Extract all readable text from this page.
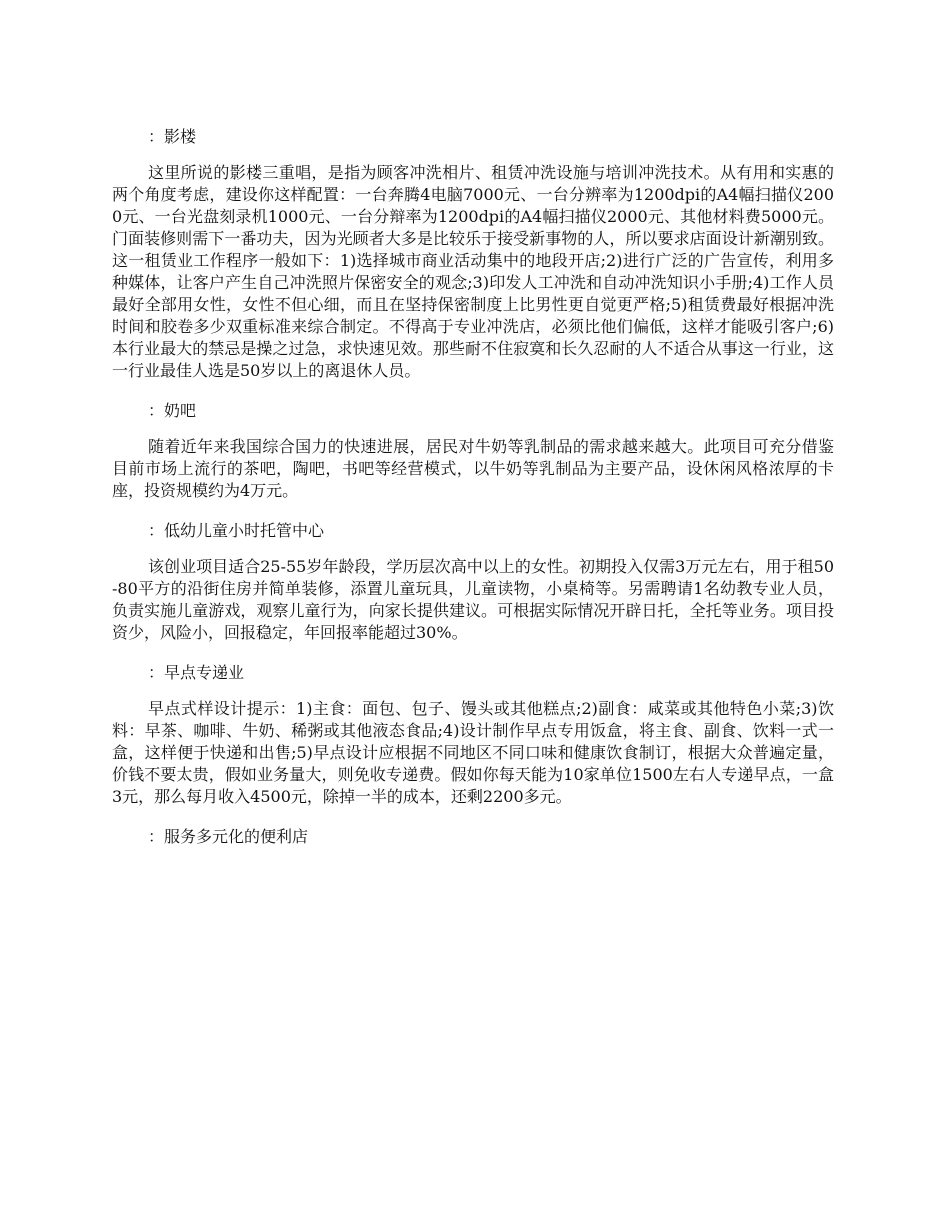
：影楼

这里所说的影楼三重唱，是指为顾客冲洗相片、租赁冲洗设施与培训冲洗技术。从有用和实惠的两个角度考虑，建设你这样配置：一台奔腾4电脑7000元、一台分辨率为1200dpi的A4幅扫描仪2000元、一台光盘刻录机1000元、一台分辩率为1200dpi的A4幅扫描仪2000元、其他材料费5000元。门面装修则需下一番功夫，因为光顾者大多是比较乐于接受新事物的人，所以要求店面设计新潮别致。这一租赁业工作程序一般如下：1)选择城市商业活动集中的地段开店;2)进行广泛的广告宣传，利用多种媒体，让客户产生自己冲洗照片保密安全的观念;3)印发人工冲洗和自动冲洗知识小手册;4)工作人员最好全部用女性，女性不但心细，而且在坚持保密制度上比男性更自觉更严格;5)租赁费最好根据冲洗时间和胶卷多少双重标准来综合制定。不得高于专业冲洗店，必须比他们偏低，这样才能吸引客户;6)本行业最大的禁忌是操之过急，求快速见效。那些耐不住寂寞和长久忍耐的人不适合从事这一行业，这一行业最佳人选是50岁以上的离退休人员。

：奶吧

随着近年来我国综合国力的快速进展，居民对牛奶等乳制品的需求越来越大。此项目可充分借鉴目前市场上流行的茶吧，陶吧，书吧等经营模式，以牛奶等乳制品为主要产品，设休闲风格浓厚的卡座，投资规模约为4万元。

：低幼儿童小时托管中心

该创业项目适合25-55岁年龄段，学历层次高中以上的女性。初期投入仅需3万元左右，用于租50-80平方的沿街住房并简单装修，添置儿童玩具，儿童读物，小桌椅等。另需聘请1名幼教专业人员，负责实施儿童游戏，观察儿童行为，向家长提供建议。可根据实际情况开辟日托，全托等业务。项目投资少，风险小，回报稳定，年回报率能超过30%。

：早点专递业

早点式样设计提示：1)主食：面包、包子、馒头或其他糕点;2)副食：咸菜或其他特色小菜;3)饮料：早茶、咖啡、牛奶、稀粥或其他液态食品;4)设计制作早点专用饭盒，将主食、副食、饮料一式一盒，这样便于快递和出售;5)早点设计应根据不同地区不同口味和健康饮食制订，根据大众普遍定量，价钱不要太贵，假如业务量大，则免收专递费。假如你每天能为10家单位1500左右人专递早点，一盒3元，那么每月收入4500元，除掉一半的成本，还剩2200多元。

：服务多元化的便利店
